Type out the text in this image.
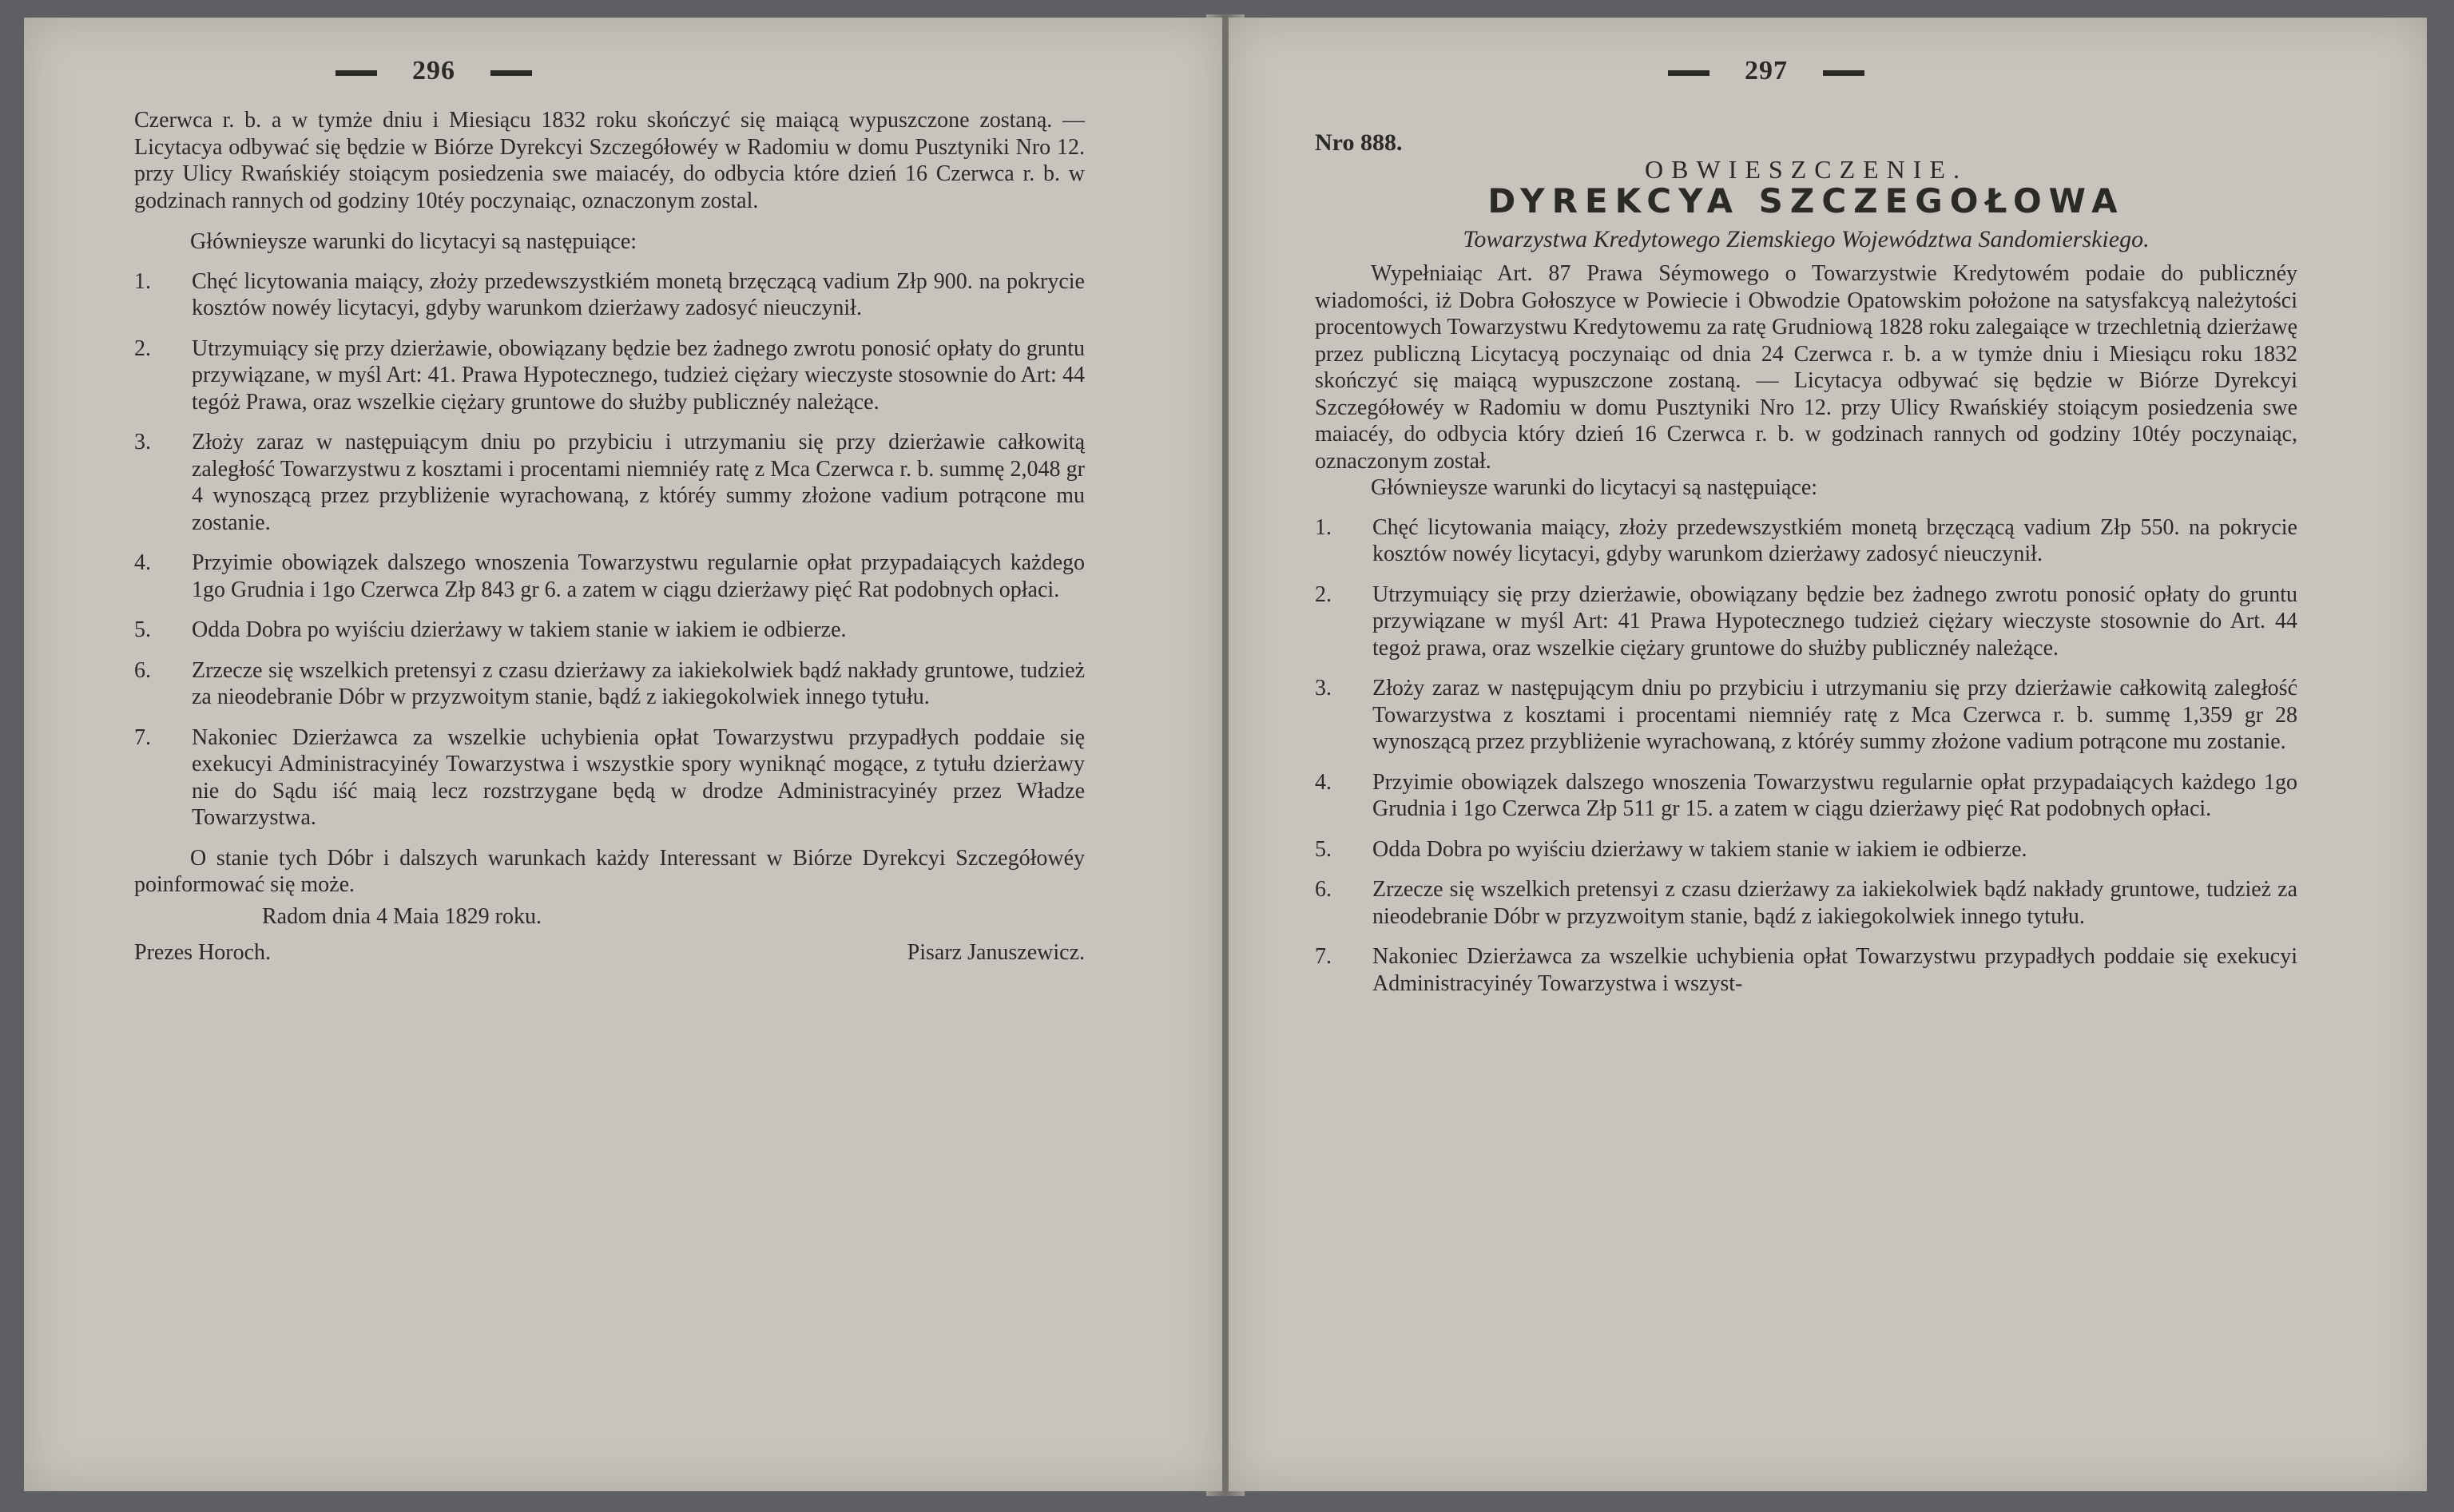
296

Czerwca r. b. a w tymże dniu i Miesiącu 1832 roku skończyć się maiącą wypuszczone zostaną. — Licytacya odbywać się będzie w Biórze Dyrekcyi Szczegółowéy w Radomiu w domu Pusztyniki Nro 12. przy Ulicy Rwańskiéy stoiącym posiedzenia swe maiacéy, do odbycia które dzień 16 Czerwca r. b. w godzinach rannych od godziny 10téy poczynaiąc, oznaczonym zostal.

Głównieysze warunki do licytacyi są następuiące:

1.	Chęć licytowania maiący, złoży przedewszystkiém monetą brzęczącą vadium Złp 900. na pokrycie kosztów nowéy licytacyi, gdyby warunkom dzierżawy zadosyć nieuczynił.
2.	Utrzymuiący się przy dzierżawie, obowiązany będzie bez żadnego zwrotu ponosić opłaty do gruntu przywiązane, w myśl Art: 41. Prawa Hypotecznego, tudzież ciężary wieczyste stosownie do Art: 44 tegóż Prawa, oraz wszelkie ciężary gruntowe do służby publicznéy należące.
3.	Złoży zaraz w następuiącym dniu po przybiciu i utrzymaniu się przy dzierżawie całkowitą zaległość Towarzystwu z kosztami i procentami niemniéy ratę z Mca Czerwca r. b. summę 2,048 gr 4 wynoszącą przez przybliżenie wyrachowaną, z któréy summy złożone vadium potrącone mu zostanie.
4.	Przyimie obowiązek dalszego wnoszenia Towarzystwu regularnie opłat przypadaiących każdego 1go Grudnia i 1go Czerwca Złp 843 gr 6. a zatem w ciągu dzierżawy pięć Rat podobnych opłaci.
5.	Odda Dobra po wyiściu dzierżawy w takiem stanie w iakiem ie odbierze.
6.	Zrzecze się wszelkich pretensyi z czasu dzierżawy za iakiekolwiek bądź nakłady gruntowe, tudzież za nieodebranie Dóbr w przyzwoitym stanie, bądź z iakiegokolwiek innego tytułu.
7.	Nakoniec Dzierżawca za wszelkie uchybienia opłat Towarzystwu przypadłych poddaie się exekucyi Administracyinéy Towarzystwa i wszystkie spory wyniknąć mogące, z tytułu dzierżawy nie do Sądu iść maią lecz rozstrzygane będą w drodze Administracyinéy przez Władze Towarzystwa.

O stanie tych Dóbr i dalszych warunkach każdy Interessant w Biórze Dyrekcyi Szczegółowéy poinformować się może.

Radom dnia 4 Maia 1829 roku.

Prezes Horoch.	Pisarz Januszewicz.
297

Nro 888.

OBWIESZCZENIE.

DYREKCYA SZCZEGOŁOWA

Towarzystwa Kredytowego Ziemskiego Województwa Sandomierskiego.

Wypełniaiąc Art. 87 Prawa Séymowego o Towarzystwie Kredytowém podaie do publicznéy wiadomości, iż Dobra Gołoszyce w Powiecie i Obwodzie Opatowskim położone na satysfakcyą należytości procentowych Towarzystwu Kredytowemu za ratę Grudniową 1828 roku zalegaiące w trzechletnią dzierżawę przez publiczną Licytacyą poczynaiąc od dnia 24 Czerwca r. b. a w tymże dniu i Miesiącu roku 1832 skończyć się maiącą wypuszczone zostaną. — Licytacya odbywać się będzie w Biórze Dyrekcyi Szczegółowéy w Radomiu w domu Pusztyniki Nro 12. przy Ulicy Rwańskiéy stoiącym posiedzenia swe maiacéy, do odbycia który dzień 16 Czerwca r. b. w godzinach rannych od godziny 10téy poczynaiąc, oznaczonym został.

Głównieysze warunki do licytacyi są następuiące:

1.	Chęć licytowania maiący, złoży przedewszystkiém monetą brzęczącą vadium Złp 550. na pokrycie kosztów nowéy licytacyi, gdyby warunkom dzierżawy zadosyć nieuczynił.
2.	Utrzymuiący się przy dzierżawie, obowiązany będzie bez żadnego zwrotu ponosić opłaty do gruntu przywiązane w myśl Art: 41 Prawa Hypotecznego tudzież ciężary wieczyste stosownie do Art. 44 tegoż prawa, oraz wszelkie ciężary gruntowe do służby publicznéy należące.
3.	Złoży zaraz w następującym dniu po przybiciu i utrzymaniu się przy dzierżawie całkowitą zaległość Towarzystwa z kosztami i procentami niemniéy ratę z Mca Czerwca r. b. summę 1,359 gr 28 wynoszącą przez przybliżenie wyrachowaną, z któréy summy złożone vadium potrącone mu zostanie.
4.	Przyimie obowiązek dalszego wnoszenia Towarzystwu regularnie opłat przypadaiących każdego 1go Grudnia i 1go Czerwca Złp 511 gr 15. a zatem w ciągu dzierżawy pięć Rat podobnych opłaci.
5.	Odda Dobra po wyiściu dzierżawy w takiem stanie w iakiem ie odbierze.
6.	Zrzecze się wszelkich pretensyi z czasu dzierżawy za iakiekolwiek bądź nakłady gruntowe, tudzież za nieodebranie Dóbr w przyzwoitym stanie, bądź z iakiegokolwiek innego tytułu.
7.	Nakoniec Dzierżawca za wszelkie uchybienia opłat Towarzystwu przypadłych poddaie się exekucyi Administracyinéy Towarzystwa i wszyst-
